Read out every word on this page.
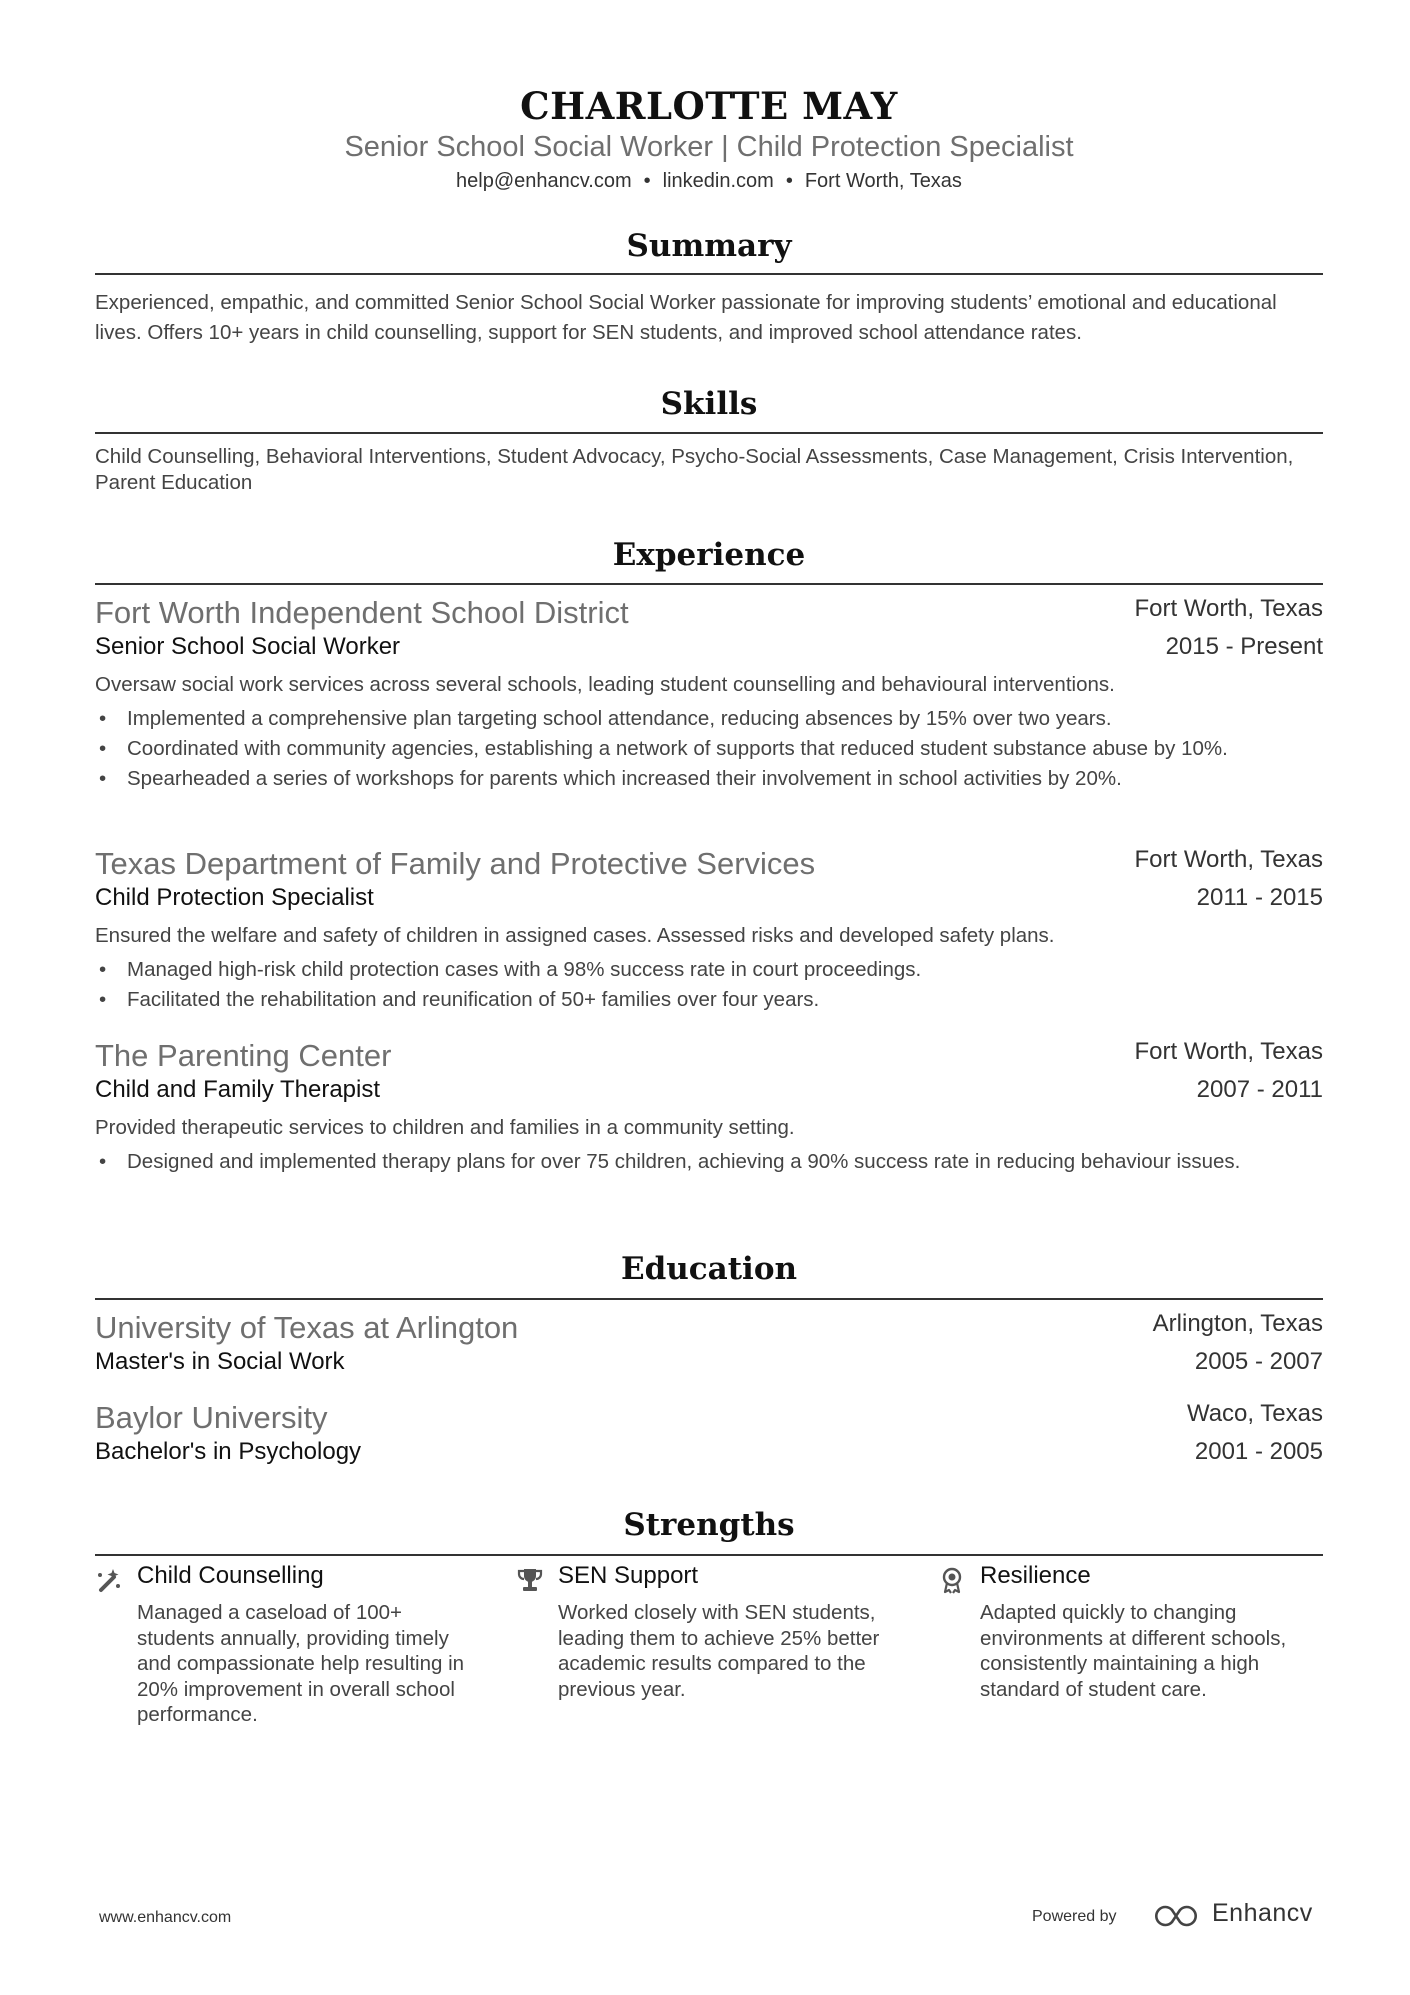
CHARLOTTE MAY
Senior School Social Worker | Child Protection Specialist
help@enhancv.com • linkedin.com • Fort Worth, Texas
Summary
Experienced, empathic, and committed Senior School Social Worker passionate for improving students’ emotional and educational lives. Offers 10+ years in child counselling, support for SEN students, and improved school attendance rates.
Skills
Child Counselling, Behavioral Interventions, Student Advocacy, Psycho-Social Assessments, Case Management, Crisis Intervention, Parent Education
Experience
Fort Worth Independent School District	Fort Worth, Texas
Senior School Social Worker	2015 - Present
Oversaw social work services across several schools, leading student counselling and behavioural interventions.
• Implemented a comprehensive plan targeting school attendance, reducing absences by 15% over two years.
• Coordinated with community agencies, establishing a network of supports that reduced student substance abuse by 10%.
• Spearheaded a series of workshops for parents which increased their involvement in school activities by 20%.
Texas Department of Family and Protective Services	Fort Worth, Texas
Child Protection Specialist	2011 - 2015
Ensured the welfare and safety of children in assigned cases. Assessed risks and developed safety plans.
• Managed high-risk child protection cases with a 98% success rate in court proceedings.
• Facilitated the rehabilitation and reunification of 50+ families over four years.
The Parenting Center	Fort Worth, Texas
Child and Family Therapist	2007 - 2011
Provided therapeutic services to children and families in a community setting.
• Designed and implemented therapy plans for over 75 children, achieving a 90% success rate in reducing behaviour issues.
Education
University of Texas at Arlington	Arlington, Texas
Master's in Social Work	2005 - 2007
Baylor University	Waco, Texas
Bachelor's in Psychology	2001 - 2005
Strengths
Child Counselling
Managed a caseload of 100+ students annually, providing timely and compassionate help resulting in 20% improvement in overall school performance.
SEN Support
Worked closely with SEN students, leading them to achieve 25% better academic results compared to the previous year.
Resilience
Adapted quickly to changing environments at different schools, consistently maintaining a high standard of student care.
www.enhancv.com	Powered by	Enhancv
